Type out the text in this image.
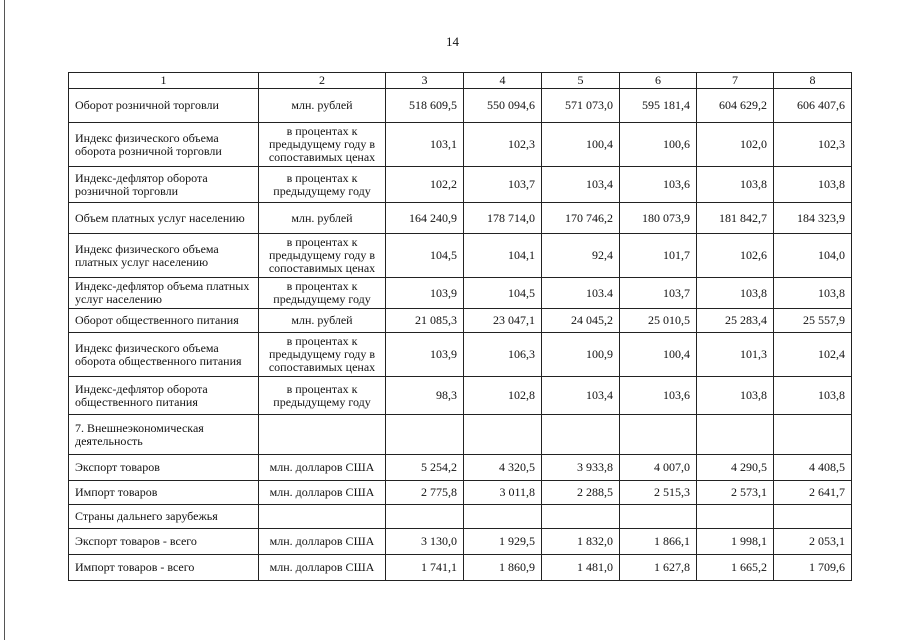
14
1	2	3	4	5	6	7	8
Оборот розничной торговли	млн. рублей	518 609,5	550 094,6	571 073,0	595 181,4	604 629,2	606 407,6
Индекс физического объема оборота розничной торговли	в процентах к предыдущему году в сопоставимых ценах	103,1	102,3	100,4	100,6	102,0	102,3
Индекс-дефлятор оборота розничной торговли	в процентах к предыдущему году	102,2	103,7	103,4	103,6	103,8	103,8
Объем платных услуг населению	млн. рублей	164 240,9	178 714,0	170 746,2	180 073,9	181 842,7	184 323,9
Индекс физического объема платных услуг населению	в процентах к предыдущему году в сопоставимых ценах	104,5	104,1	92,4	101,7	102,6	104,0
Индекс-дефлятор объема платных услуг населению	в процентах к предыдущему году	103,9	104,5	103.4	103,7	103,8	103,8
Оборот общественного питания	млн. рублей	21 085,3	23 047,1	24 045,2	25 010,5	25 283,4	25 557,9
Индекс физического объема оборота общественного питания	в процентах к предыдущему году в сопоставимых ценах	103,9	106,3	100,9	100,4	101,3	102,4
Индекс-дефлятор оборота общественного питания	в процентах к предыдущему году	98,3	102,8	103,4	103,6	103,8	103,8
7. Внешнеэкономическая деятельность							
Экспорт товаров	млн. долларов США	5 254,2	4 320,5	3 933,8	4 007,0	4 290,5	4 408,5
Импорт товаров	млн. долларов США	2 775,8	3 011,8	2 288,5	2 515,3	2 573,1	2 641,7
Страны дальнего зарубежья							
Экспорт товаров - всего	млн. долларов США	3 130,0	1 929,5	1 832,0	1 866,1	1 998,1	2 053,1
Импорт товаров - всего	млн. долларов США	1 741,1	1 860,9	1 481,0	1 627,8	1 665,2	1 709,6
